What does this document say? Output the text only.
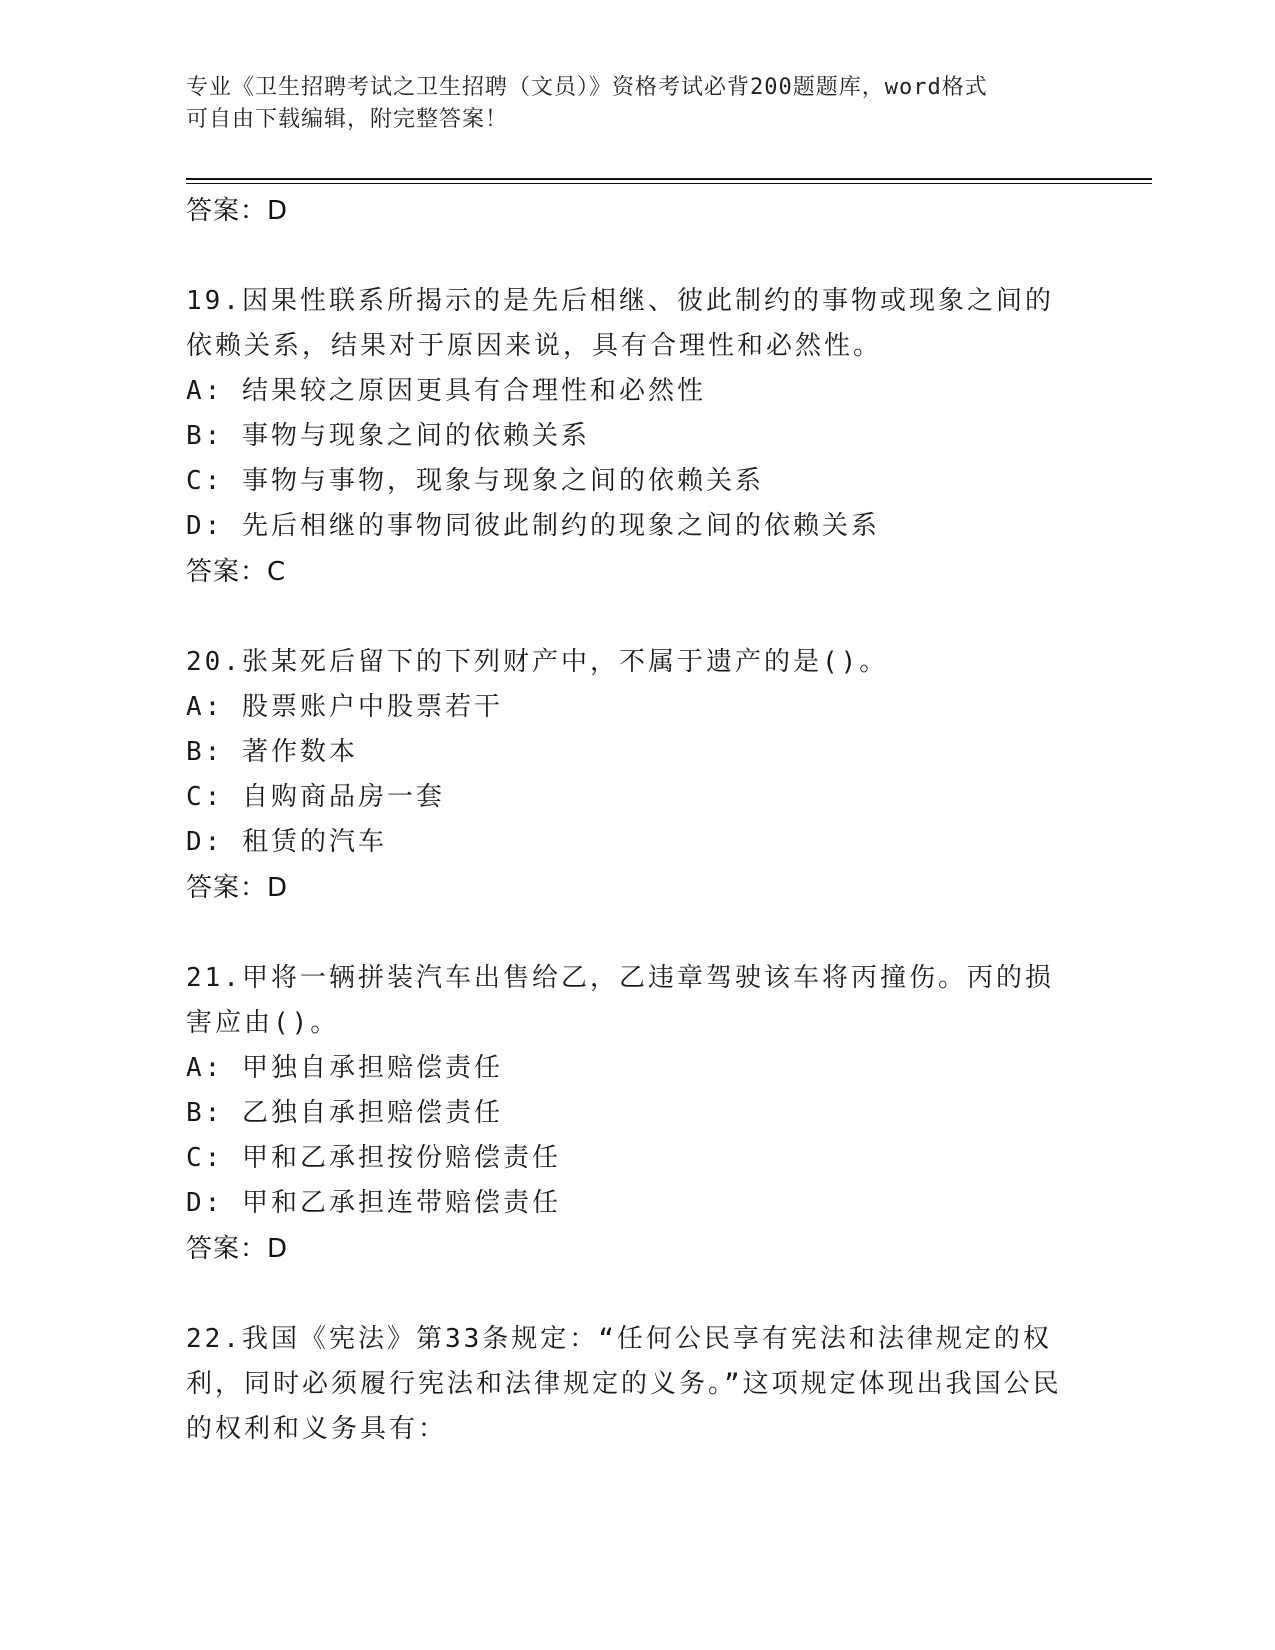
专业《卫生招聘考试之卫生招聘（文员）》资格考试必背200题题库，word格式
可自由下载编辑，附完整答案！
答案：D
19.因果性联系所揭示的是先后相继、彼此制约的事物或现象之间的依赖关系，结果对于原因来说，具有合理性和必然性。
A: 结果较之原因更具有合理性和必然性
B: 事物与现象之间的依赖关系
C: 事物与事物，现象与现象之间的依赖关系
D: 先后相继的事物同彼此制约的现象之间的依赖关系
答案：C
20.张某死后留下的下列财产中，不属于遗产的是()。
A: 股票账户中股票若干
B: 著作数本
C: 自购商品房一套
D: 租赁的汽车
答案：D
21.甲将一辆拼装汽车出售给乙，乙违章驾驶该车将丙撞伤。丙的损害应由()。
A: 甲独自承担赔偿责任
B: 乙独自承担赔偿责任
C: 甲和乙承担按份赔偿责任
D: 甲和乙承担连带赔偿责任
答案：D
22.我国《宪法》第33条规定：“任何公民享有宪法和法律规定的权利，同时必须履行宪法和法律规定的义务。”这项规定体现出我国公民的权利和义务具有：
